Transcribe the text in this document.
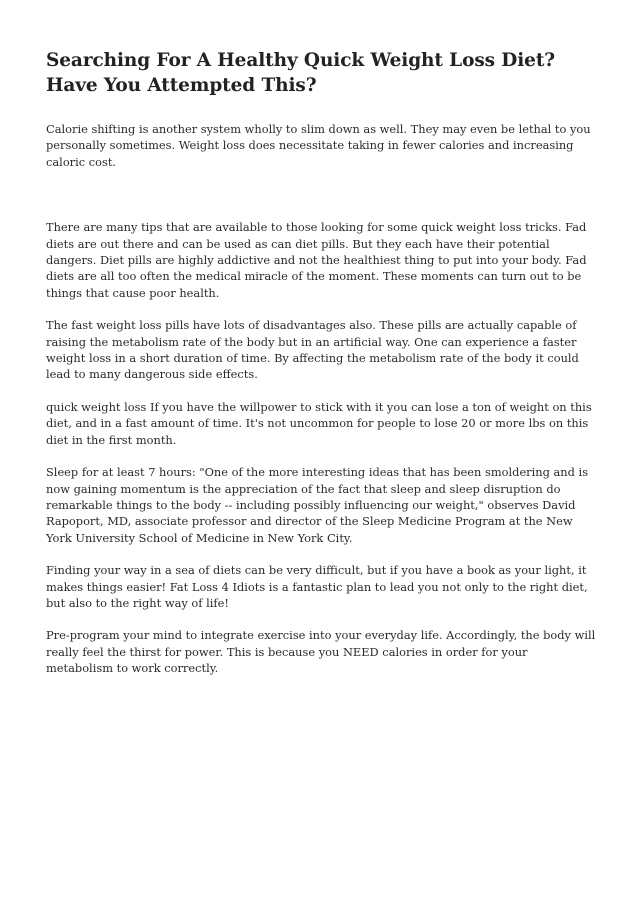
Searching For A Healthy Quick Weight Loss Diet? Have You Attempted This?

Calorie shifting is another system wholly to slim down as well. They may even be lethal to you personally sometimes. Weight loss does necessitate taking in fewer calories and increasing caloric cost.

There are many tips that are available to those looking for some quick weight loss tricks. Fad diets are out there and can be used as can diet pills. But they each have their potential dangers. Diet pills are highly addictive and not the healthiest thing to put into your body. Fad diets are all too often the medical miracle of the moment. These moments can turn out to be things that cause poor health.

The fast weight loss pills have lots of disadvantages also. These pills are actually capable of raising the metabolism rate of the body but in an artificial way. One can experience a faster weight loss in a short duration of time. By affecting the metabolism rate of the body it could lead to many dangerous side effects.

quick weight loss If you have the willpower to stick with it you can lose a ton of weight on this diet, and in a fast amount of time. It's not uncommon for people to lose 20 or more lbs on this diet in the first month.

Sleep for at least 7 hours: "One of the more interesting ideas that has been smoldering and is now gaining momentum is the appreciation of the fact that sleep and sleep disruption do remarkable things to the body -- including possibly influencing our weight," observes David Rapoport, MD, associate professor and director of the Sleep Medicine Program at the New York University School of Medicine in New York City.

Finding your way in a sea of diets can be very difficult, but if you have a book as your light, it makes things easier! Fat Loss 4 Idiots is a fantastic plan to lead you not only to the right diet, but also to the right way of life!

Pre-program your mind to integrate exercise into your everyday life. Accordingly, the body will really feel the thirst for power. This is because you NEED calories in order for your metabolism to work correctly.
